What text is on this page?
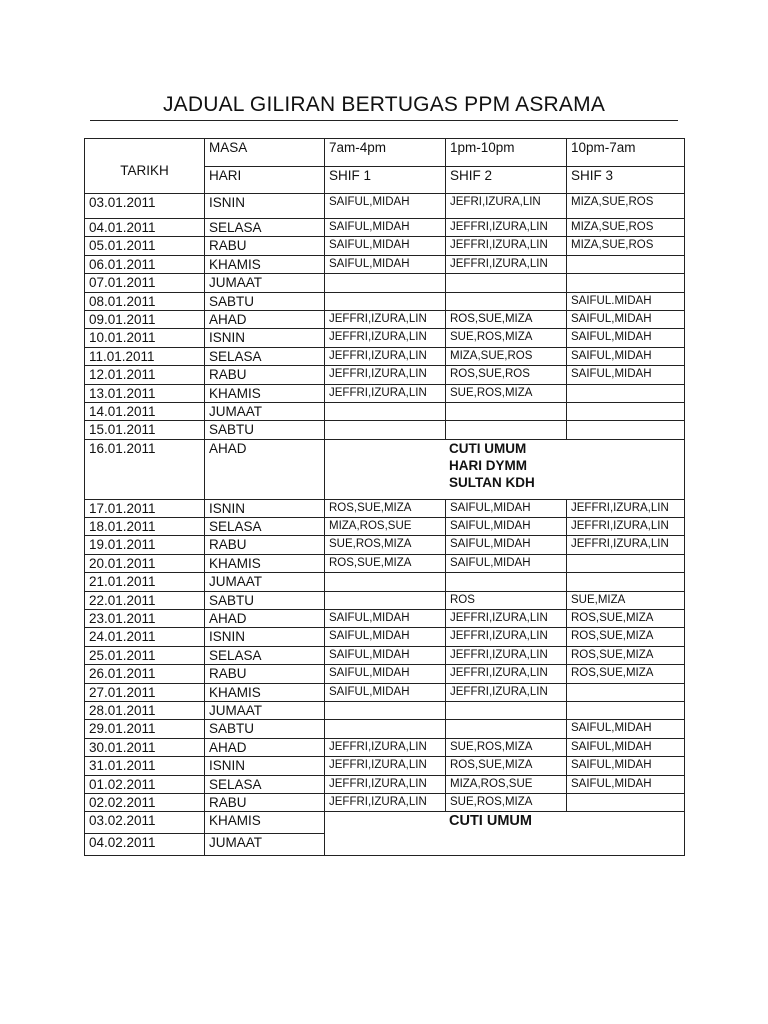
JADUAL GILIRAN BERTUGAS PPM ASRAMA
TARIKH	MASA	7am-4pm	1pm-10pm	10pm-7am
	HARI	SHIF 1	SHIF 2	SHIF 3
03.01.2011	ISNIN	SAIFUL,MIDAH	JEFRI,IZURA,LIN	MIZA,SUE,ROS
04.01.2011	SELASA	SAIFUL,MIDAH	JEFFRI,IZURA,LIN	MIZA,SUE,ROS
05.01.2011	RABU	SAIFUL,MIDAH	JEFFRI,IZURA,LIN	MIZA,SUE,ROS
06.01.2011	KHAMIS	SAIFUL,MIDAH	JEFFRI,IZURA,LIN	
07.01.2011	JUMAAT			
08.01.2011	SABTU			SAIFUL.MIDAH
09.01.2011	AHAD	JEFFRI,IZURA,LIN	ROS,SUE,MIZA	SAIFUL,MIDAH
10.01.2011	ISNIN	JEFFRI,IZURA,LIN	SUE,ROS,MIZA	SAIFUL,MIDAH
11.01.2011	SELASA	JEFFRI,IZURA,LIN	MIZA,SUE,ROS	SAIFUL,MIDAH
12.01.2011	RABU	JEFFRI,IZURA,LIN	ROS,SUE,ROS	SAIFUL,MIDAH
13.01.2011	KHAMIS	JEFFRI,IZURA,LIN	SUE,ROS,MIZA	
14.01.2011	JUMAAT			
15.01.2011	SABTU			
16.01.2011	AHAD	CUTI UMUM
HARI DYMM
SULTAN KDH		

17.01.2011	ISNIN	ROS,SUE,MIZA	SAIFUL,MIDAH	JEFFRI,IZURA,LIN
18.01.2011	SELASA	MIZA,ROS,SUE	SAIFUL,MIDAH	JEFFRI,IZURA,LIN
19.01.2011	RABU	SUE,ROS,MIZA	SAIFUL,MIDAH	JEFFRI,IZURA,LIN
20.01.2011	KHAMIS	ROS,SUE,MIZA	SAIFUL,MIDAH	
21.01.2011	JUMAAT			
22.01.2011	SABTU		ROS	SUE,MIZA
23.01.2011	AHAD	SAIFUL,MIDAH	JEFFRI,IZURA,LIN	ROS,SUE,MIZA
24.01.2011	ISNIN	SAIFUL,MIDAH	JEFFRI,IZURA,LIN	ROS,SUE,MIZA
25.01.2011	SELASA	SAIFUL,MIDAH	JEFFRI,IZURA,LIN	ROS,SUE,MIZA
26.01.2011	RABU	SAIFUL,MIDAH	JEFFRI,IZURA,LIN	ROS,SUE,MIZA
27.01.2011	KHAMIS	SAIFUL,MIDAH	JEFFRI,IZURA,LIN	
28.01.2011	JUMAAT			
29.01.2011	SABTU			SAIFUL,MIDAH
30.01.2011	AHAD	JEFFRI,IZURA,LIN	SUE,ROS,MIZA	SAIFUL,MIDAH
31.01.2011	ISNIN	JEFFRI,IZURA,LIN	ROS,SUE,MIZA	SAIFUL,MIDAH
01.02.2011	SELASA	JEFFRI,IZURA,LIN	MIZA,ROS,SUE	SAIFUL,MIDAH
02.02.2011	RABU	JEFFRI,IZURA,LIN	SUE,ROS,MIZA	
03.02.2011	KHAMIS	CUTI UMUM		

04.02.2011	JUMAAT			
